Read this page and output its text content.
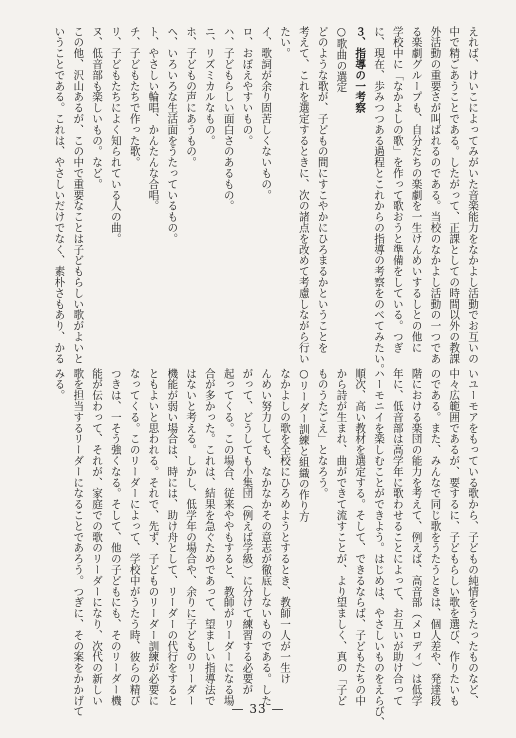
えれば、けいこによってみがいた音楽能力をなかよし活動でお互いの
中で精ごあうことである。したがって、正課としての時間以外の教課
外活動の重要さが叫ばれるのである。当校のなかよし活動の一つであ
る楽劇グループも、自分たちの楽劇を一生けんめいするしとの他に
学校中に「なかよしの歌」を作って歌おうと準備をしている。つぎ
に、現在、歩みつつある過程とこれからの指導の考察をのべてみたい。
３、指導の一考察
○歌曲の選定
どのような歌が、子どもの間にすこやかにひろまるかということを
考えて、これを選定するときに、次の諸点を改めて考慮しながら行い
たい。
イ、歌詞が余り固苦しくないもの。
ロ、おぼえやすいもの。
ハ、子どもらしい面白さのあるもの。
ニ、リズミカルなもの。
ホ、子どもの声にあうもの。
ヘ、いろいろな生活面をうたっているもの。
ト、やさしい輪唱、かんたんな合唱。
チ、子どもたちで作った歌。
リ、子どもたちによく知られている人の曲。
ヌ、低音部も楽しいもの。など。
この他、沢山あるが、この中で重要なことは子どもらしい歌がよいと
いうことである。これは、やさしいだけでなく、素朴さもあり、かる
いユーモアをもっている歌から、子どもの純情をうたったものなど、
中々広範囲であるが、要するに、子どもらしい歌を選び、作りたいも
のである。また、みんなで同じ歌をうたうときは、個人差や、発達段
階における楽団の能力を考えて、例えば、高音部（メロディ）は低学
年に、低音部は高学年に歌わせることによって、お互いが助け合って
ハーモニイを楽しむことができよう。はじめは、やさしいものをえらび、
順次、高い教材を選定する。そして、できるならば、子どもたちの中
から詩が生まれ、曲ができて流すことが、より望ましく、真の「子ど
ものうたごえ」となろう。
○リーダー訓練と組織の作り方
なかよしの歌を全校にひろめようとするとき、教師一人が一生け
んめい努力しても、なかなかその意志が徹底しないものである。した
がって、どうしても小集団（例えば学級）に分けて練習する必要が
起ってくる。この場合、従来ややもすると、教師がリーダーになる場
合が多かった。これは、結果を急ぐためであって、望ましい指導法で
はないと考える。しかし、低学年の場合や、余りに子どものリーダー
機能が弱い場合は、時には、助け舟として、リーダーの代行をすると
ともよいと思われる。それで、先ず、子どものリーダー訓練が必要に
なってくる。このリーダーによって、学校中がうたう時、彼らの精ぴ
つきは、一そう強くなる。そして、他の子どもにも、そのリーダー機
能が伝わって、それが、家庭での歌のリーダーになり、次代の新しい
歌を担当するリーダーになることであろう。つぎに、その案をかかげて
みる。
— 33 —
